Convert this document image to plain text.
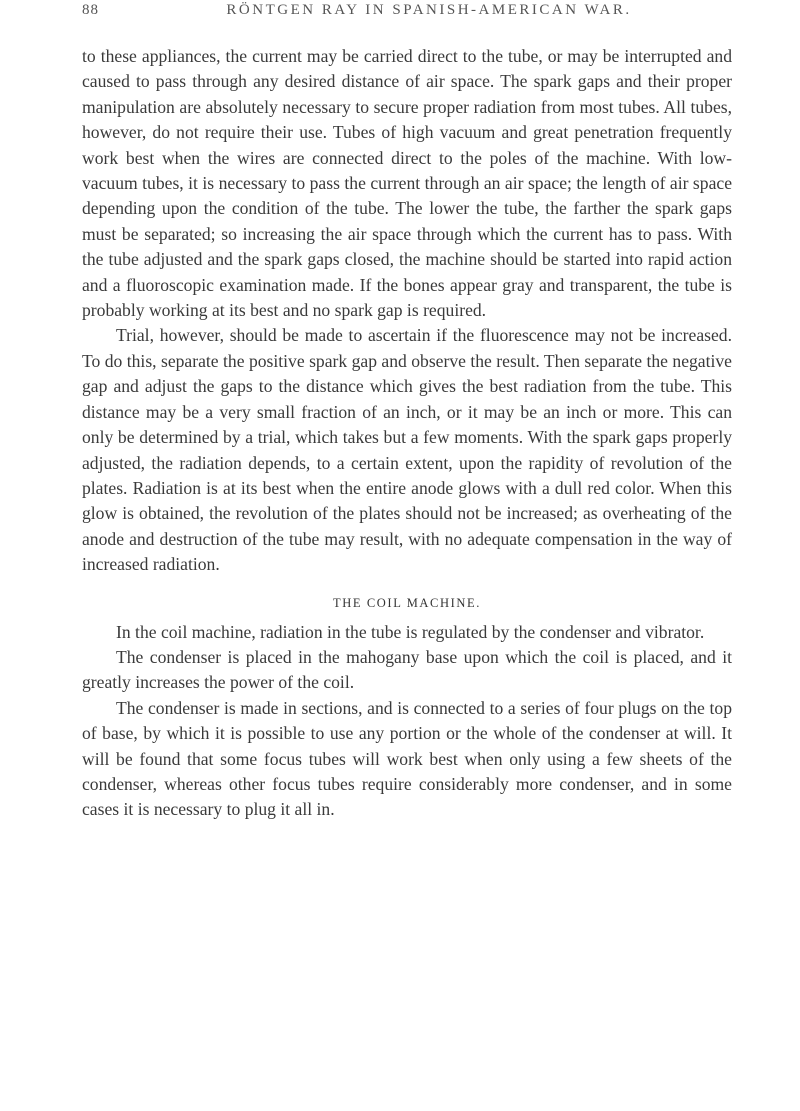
88	RÖNTGEN RAY IN SPANISH-AMERICAN WAR.

to these appliances, the current may be carried direct to the tube, or may be interrupted and caused to pass through any desired distance of air space. The spark gaps and their proper manipulation are absolutely necessary to secure proper radiation from most tubes. All tubes, however, do not require their use. Tubes of high vacuum and great penetration frequently work best when the wires are connected direct to the poles of the machine. With low-vacuum tubes, it is necessary to pass the current through an air space; the length of air space depending upon the condition of the tube. The lower the tube, the farther the spark gaps must be separated; so increasing the air space through which the current has to pass. With the tube adjusted and the spark gaps closed, the machine should be started into rapid action and a fluoroscopic examination made. If the bones appear gray and transparent, the tube is probably working at its best and no spark gap is required.

Trial, however, should be made to ascertain if the fluorescence may not be increased. To do this, separate the positive spark gap and observe the result. Then separate the negative gap and adjust the gaps to the distance which gives the best radiation from the tube. This distance may be a very small fraction of an inch, or it may be an inch or more. This can only be determined by a trial, which takes but a few moments. With the spark gaps properly adjusted, the radiation depends, to a certain extent, upon the rapidity of revolution of the plates. Radiation is at its best when the entire anode glows with a dull red color. When this glow is obtained, the revolution of the plates should not be increased; as overheating of the anode and destruction of the tube may result, with no adequate compensation in the way of increased radiation.

THE COIL MACHINE.

In the coil machine, radiation in the tube is regulated by the condenser and vibrator.

The condenser is placed in the mahogany base upon which the coil is placed, and it greatly increases the power of the coil.

The condenser is made in sections, and is connected to a series of four plugs on the top of base, by which it is possible to use any portion or the whole of the condenser at will. It will be found that some focus tubes will work best when only using a few sheets of the condenser, whereas other focus tubes require considerably more condenser, and in some cases it is necessary to plug it all in.
